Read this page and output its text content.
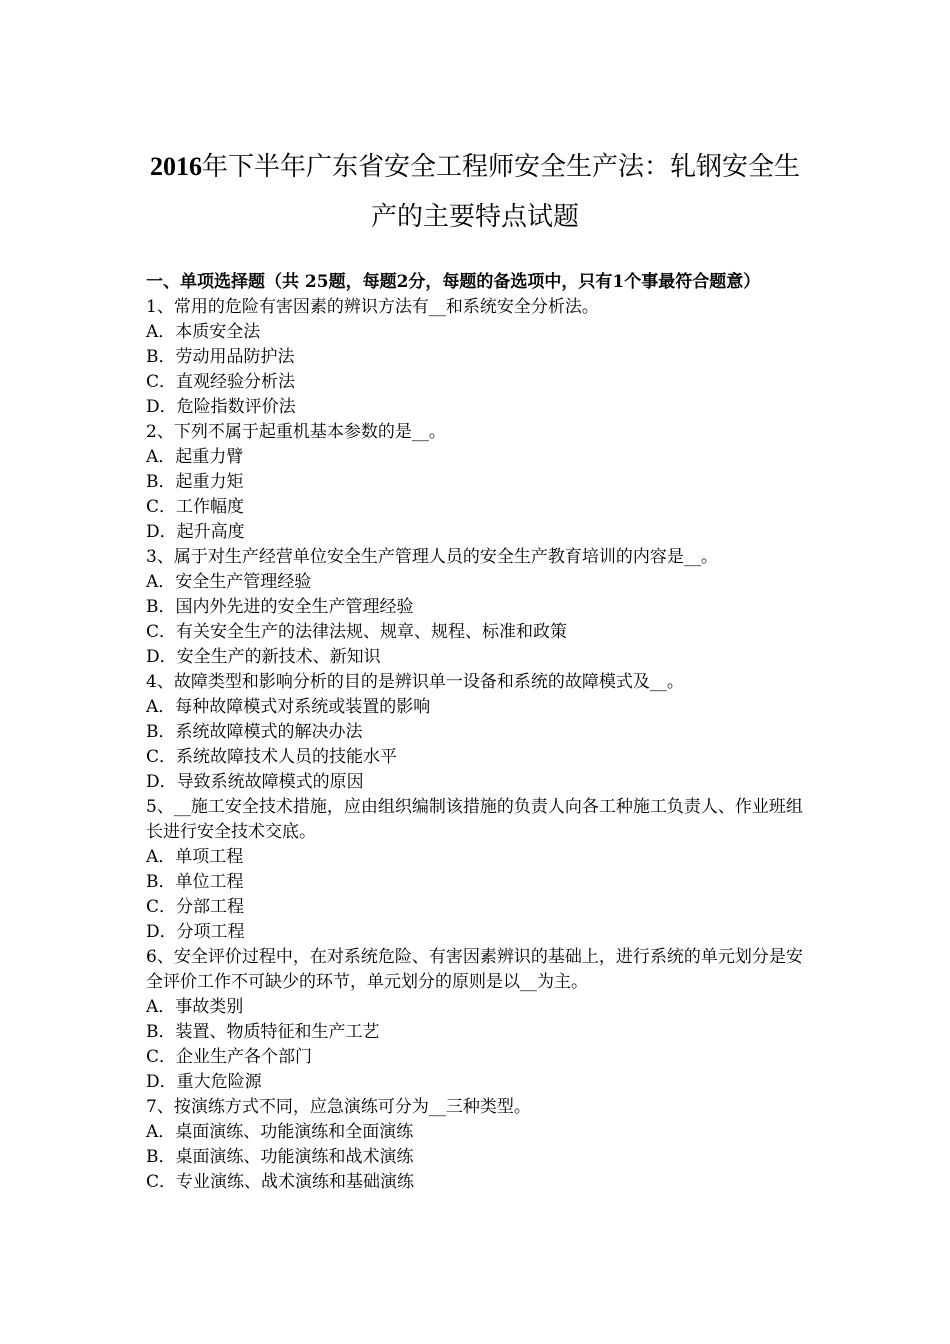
2016年下半年广东省安全工程师安全生产法：轧钢安全生
产的主要特点试题

一、单项选择题（共 25题，每题2分，每题的备选项中，只有1个事最符合题意）

1、常用的危险有害因素的辨识方法有__和系统安全分析法。

A．本质安全法

B．劳动用品防护法

C．直观经验分析法

D．危险指数评价法

2、下列不属于起重机基本参数的是__。

A．起重力臂

B．起重力矩

C．工作幅度

D．起升高度

3、属于对生产经营单位安全生产管理人员的安全生产教育培训的内容是__。

A．安全生产管理经验

B．国内外先进的安全生产管理经验

C．有关安全生产的法律法规、规章、规程、标准和政策

D．安全生产的新技术、新知识

4、故障类型和影响分析的目的是辨识单一设备和系统的故障模式及__。

A．每种故障模式对系统或装置的影响

B．系统故障模式的解决办法

C．系统故障技术人员的技能水平

D．导致系统故障模式的原因

5、__施工安全技术措施，应由组织编制该措施的负责人向各工种施工负责人、作业班组长进行安全技术交底。

A．单项工程

B．单位工程

C．分部工程

D．分项工程

6、安全评价过程中，在对系统危险、有害因素辨识的基础上，进行系统的单元划分是安全评价工作不可缺少的环节，单元划分的原则是以__为主。

A．事故类别

B．装置、物质特征和生产工艺

C．企业生产各个部门

D．重大危险源

7、按演练方式不同，应急演练可分为__三种类型。

A．桌面演练、功能演练和全面演练

B．桌面演练、功能演练和战术演练

C．专业演练、战术演练和基础演练
